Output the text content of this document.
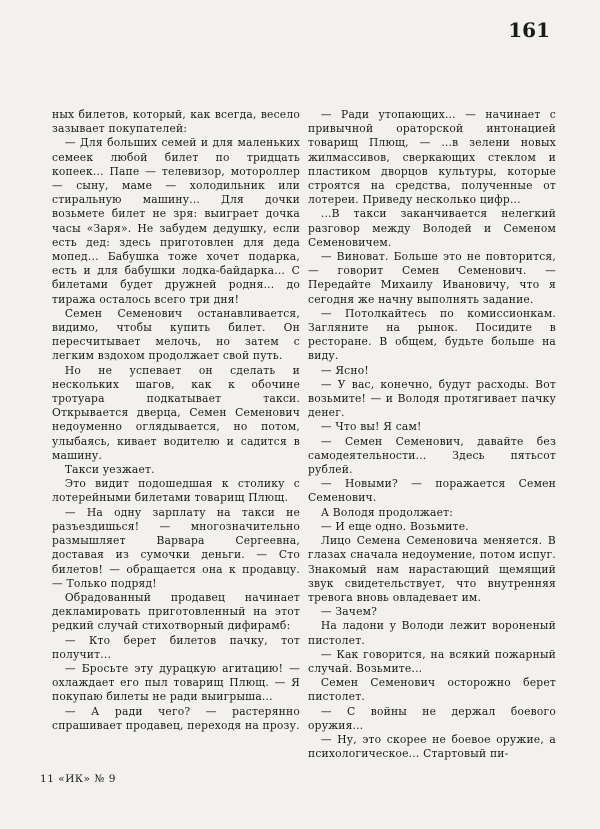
161

ных билетов, который, как всегда, весело зазывает покупателей:

— Для больших семей и для маленьких семеек любой билет по тридцать копеек... Папе — телевизор, мотороллер — сыну, маме — холодильник или стиральную машину... Для дочки возьмете билет не зря: выиграет дочка часы «Заря». Не забудем дедушку, если есть дед: здесь приготовлен для деда мопед... Бабушка тоже хочет подарка, есть и для бабушки лодка-байдарка... С билетами будет дружней родня... до тиража осталось всего три дня!

Семен Семенович останавливается, видимо, чтобы купить билет. Он пересчитывает мелочь, но затем с легким вздохом продолжает свой путь.

Но не успевает он сделать и нескольких шагов, как к обочине тротуара подкатывает такси. Открывается дверца, Семен Семенович недоуменно оглядывается, но потом, улыбаясь, кивает водителю и садится в машину.

Такси уезжает.

Это видит подошедшая к столику с лотерейными билетами товарищ Плющ.

— На одну зарплату на такси не разъездишься! — многозначительно размышляет Варвара Сергеевна, доставая из сумочки деньги. — Сто билетов! — обращается она к продавцу. — Только подряд!

Обрадованный продавец начинает декламировать приготовленный на этот редкий случай стихотворный дифирамб:

— Кто берет билетов пачку, тот получит...

— Бросьте эту дурацкую агитацию! — охлаждает его пыл товарищ Плющ. — Я покупаю билеты не ради выигрыша...

— А ради чего? — растерянно спрашивает продавец, переходя на прозу.

— Ради утопающих... — начинает с привычной ораторской интонацией товарищ Плющ, — ...в зелени новых жилмассивов, сверкающих стеклом и пластиком дворцов культуры, которые строятся на средства, полученные от лотереи. Приведу несколько цифр...

...В такси заканчивается нелегкий разговор между Володей и Семеном Семеновичем.

— Виноват. Больше это не повторится, — говорит Семен Семенович. — Передайте Михаилу Ивановичу, что я сегодня же начну выполнять задание.

— Потолкайтесь по комиссионкам. Загляните на рынок. Посидите в ресторане. В общем, будьте больше на виду.

— Ясно!

— У вас, конечно, будут расходы. Вот возьмите! — и Володя протягивает пачку денег.

— Что вы! Я сам!

— Семен Семенович, давайте без самодеятельности... Здесь пятьсот рублей.

— Новыми? — поражается Семен Семенович.

А Володя продолжает:

— И еще одно. Возьмите.

Лицо Семена Семеновича меняется. В глазах сначала недоумение, потом испуг. Знакомый нам нарастающий щемящий звук свидетельствует, что внутренняя тревога вновь овладевает им.

— Зачем?

На ладони у Володи лежит вороненый пистолет.

— Как говорится, на всякий пожарный случай. Возьмите...

Семен Семенович осторожно берет пистолет.

— С войны не держал боевого оружия...

— Ну, это скорее не боевое оружие, а психологическое... Стартовый пи-

11 «ИК» № 9
